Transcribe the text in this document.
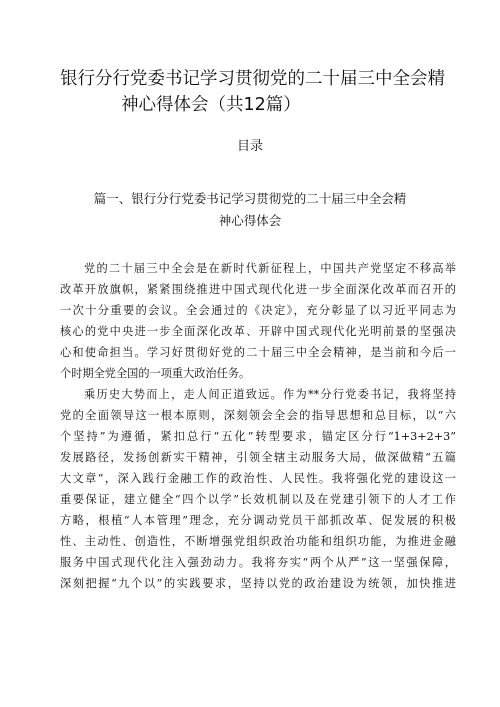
银行分行党委书记学习贯彻党的二十届三中全会精
神心得体会（共12篇）
目录
篇一、银行分行党委书记学习贯彻党的二十届三中全会精
神心得体会
党的二十届三中全会是在新时代新征程上，中国共产党坚定不移高举
改革开放旗帜，紧紧围绕推进中国式现代化进一步全面深化改革而召开的
一次十分重要的会议。全会通过的《决定》，充分彰显了以习近平同志为
核心的党中央进一步全面深化改革、开辟中国式现代化光明前景的坚强决
心和使命担当。学习好贯彻好党的二十届三中全会精神，是当前和今后一
个时期全党全国的一项重大政治任务。
乘历史大势而上，走人间正道致远。作为**分行党委书记，我将坚持
党的全面领导这一根本原则，深刻领会全会的指导思想和总目标，以“六
个坚持”为遵循，紧扣总行“五化”转型要求，锚定区分行“1+3+2+3”
发展路径，发扬创新实干精神，引领全辖主动服务大局，做深做精“五篇
大文章”，深入践行金融工作的政治性、人民性。我将强化党的建设这一
重要保证，建立健全“四个以学”长效机制以及在党建引领下的人才工作
方略，根植“人本管理”理念，充分调动党员干部抓改革、促发展的积极
性、主动性、创造性，不断增强党组织政治功能和组织功能，为推进金融
服务中国式现代化注入强劲动力。我将夯实“两个从严”这一坚强保障，
深刻把握“九个以”的实践要求，坚持以党的政治建设为统领，加快推进
